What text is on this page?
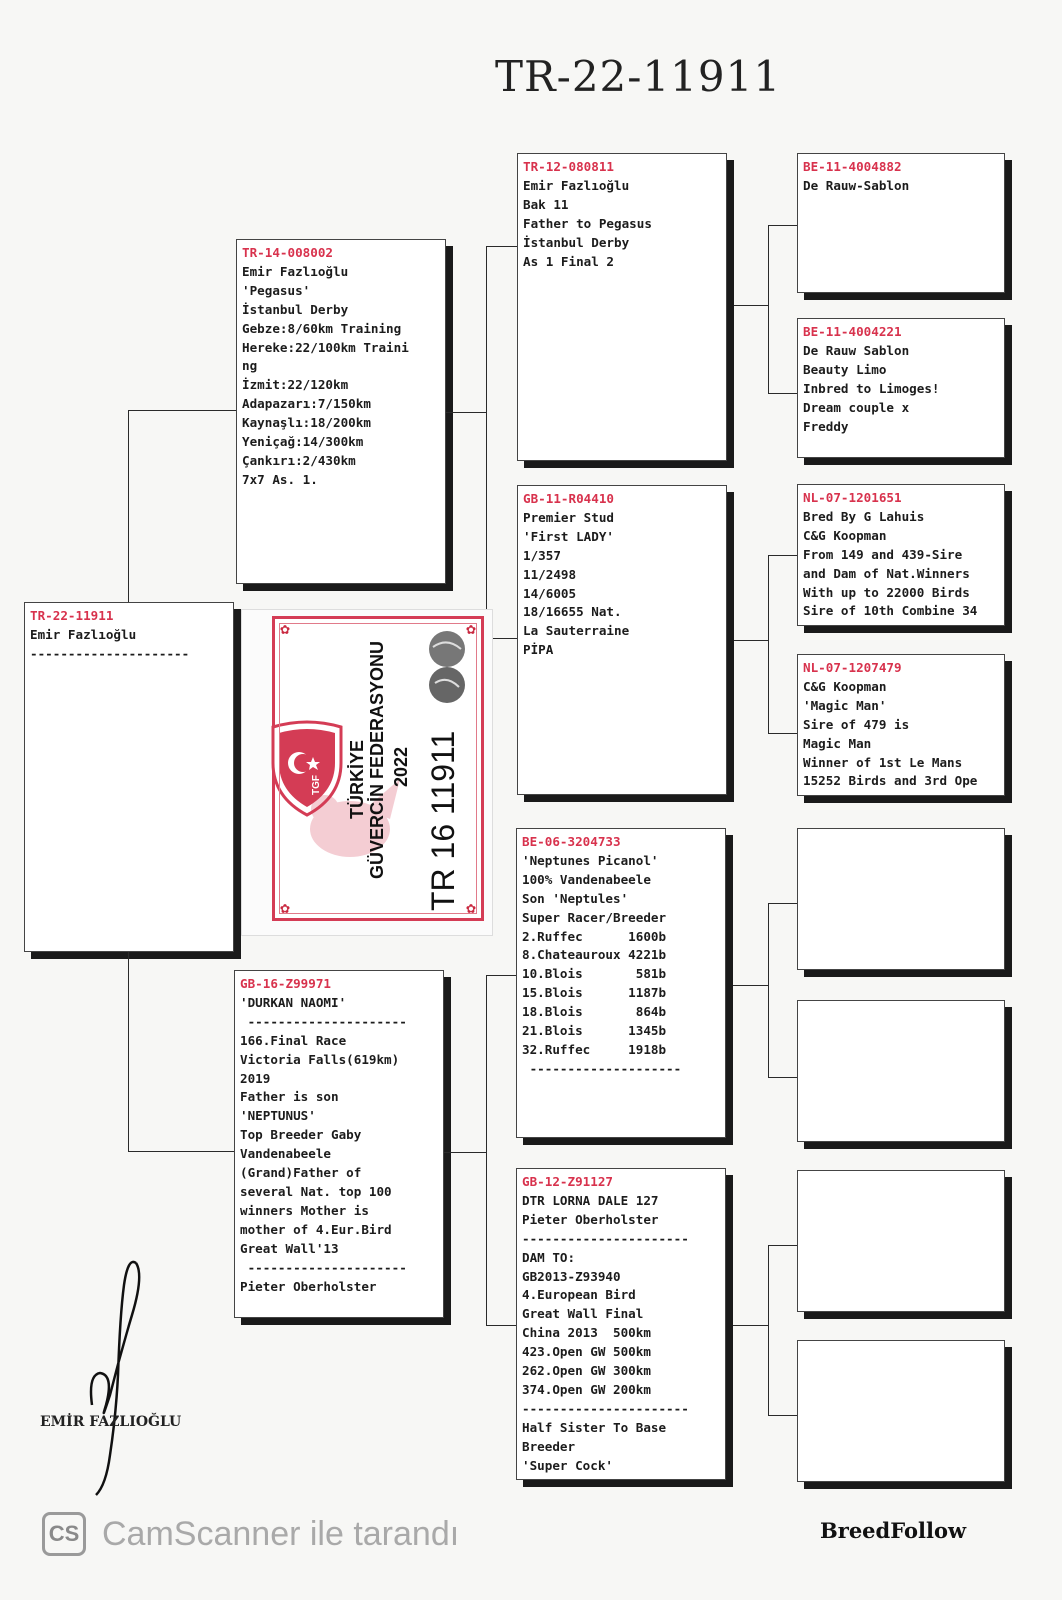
TR-22-11911
TR-22-11911
Emir Fazlıoğlu
---------------------
TR-14-008002
Emir Fazlıoğlu
'Pegasus'
İstanbul Derby
Gebze:8/60km Training
Hereke:22/100km Traini
ng
İzmit:22/120km
Adapazarı:7/150km
Kaynaşlı:18/200km
Yeniçağ:14/300km
Çankırı:2/430km
7x7 As. 1.
GB-16-Z99971
'DURKAN NAOMI'
---------------------
166.Final Race
Victoria Falls(619km)
2019
Father is son
'NEPTUNUS'
Top Breeder Gaby
Vandenabeele
(Grand)Father of
several Nat. top 100
winners Mother is
mother of 4.Eur.Bird
Great Wall'13
---------------------
Pieter Oberholster
TR-12-080811
Emir Fazlıoğlu
Bak 11
Father to Pegasus
İstanbul Derby
As 1 Final 2
GB-11-R04410
Premier Stud
'First LADY'
1/357
11/2498
14/6005
18/16655 Nat.
La Sauterraine
PİPA
BE-06-3204733
'Neptunes Picanol'
100% Vandenabeele
Son 'Neptules'
Super Racer/Breeder
2.Ruffec      1600b
8.Chateauroux 4221b
10.Blois       581b
15.Blois      1187b
18.Blois       864b
21.Blois      1345b
32.Ruffec     1918b
--------------------
GB-12-Z91127
DTR LORNA DALE 127
Pieter Oberholster
----------------------
DAM TO:
GB2013-Z93940
4.European Bird
Great Wall Final
China 2013  500km
423.Open GW 500km
262.Open GW 300km
374.Open GW 200km
----------------------
Half Sister To Base
Breeder
'Super Cock'
BE-11-4004882
De Rauw-Sablon
BE-11-4004221
De Rauw Sablon
Beauty Limo
Inbred to Limoges!
Dream couple x
Freddy
NL-07-1201651
Bred By G Lahuis
C&G Koopman
From 149 and 439-Sire
and Dam of Nat.Winners
With up to 22000 Birds
Sire of 10th Combine 34
NL-07-1207479
C&G Koopman
'Magic Man'
Sire of 479 is
Magic Man
Winner of 1st Le Mans
15252 Birds and 3rd Ope
✿	✿
✿	✿
TGF TÜRKİYE GÜVERCİN FEDERASYONU 2022 TR 16 11911
EMİR FAZLIOĞLU
CS CamScanner ile tarandı	BreedFollow
